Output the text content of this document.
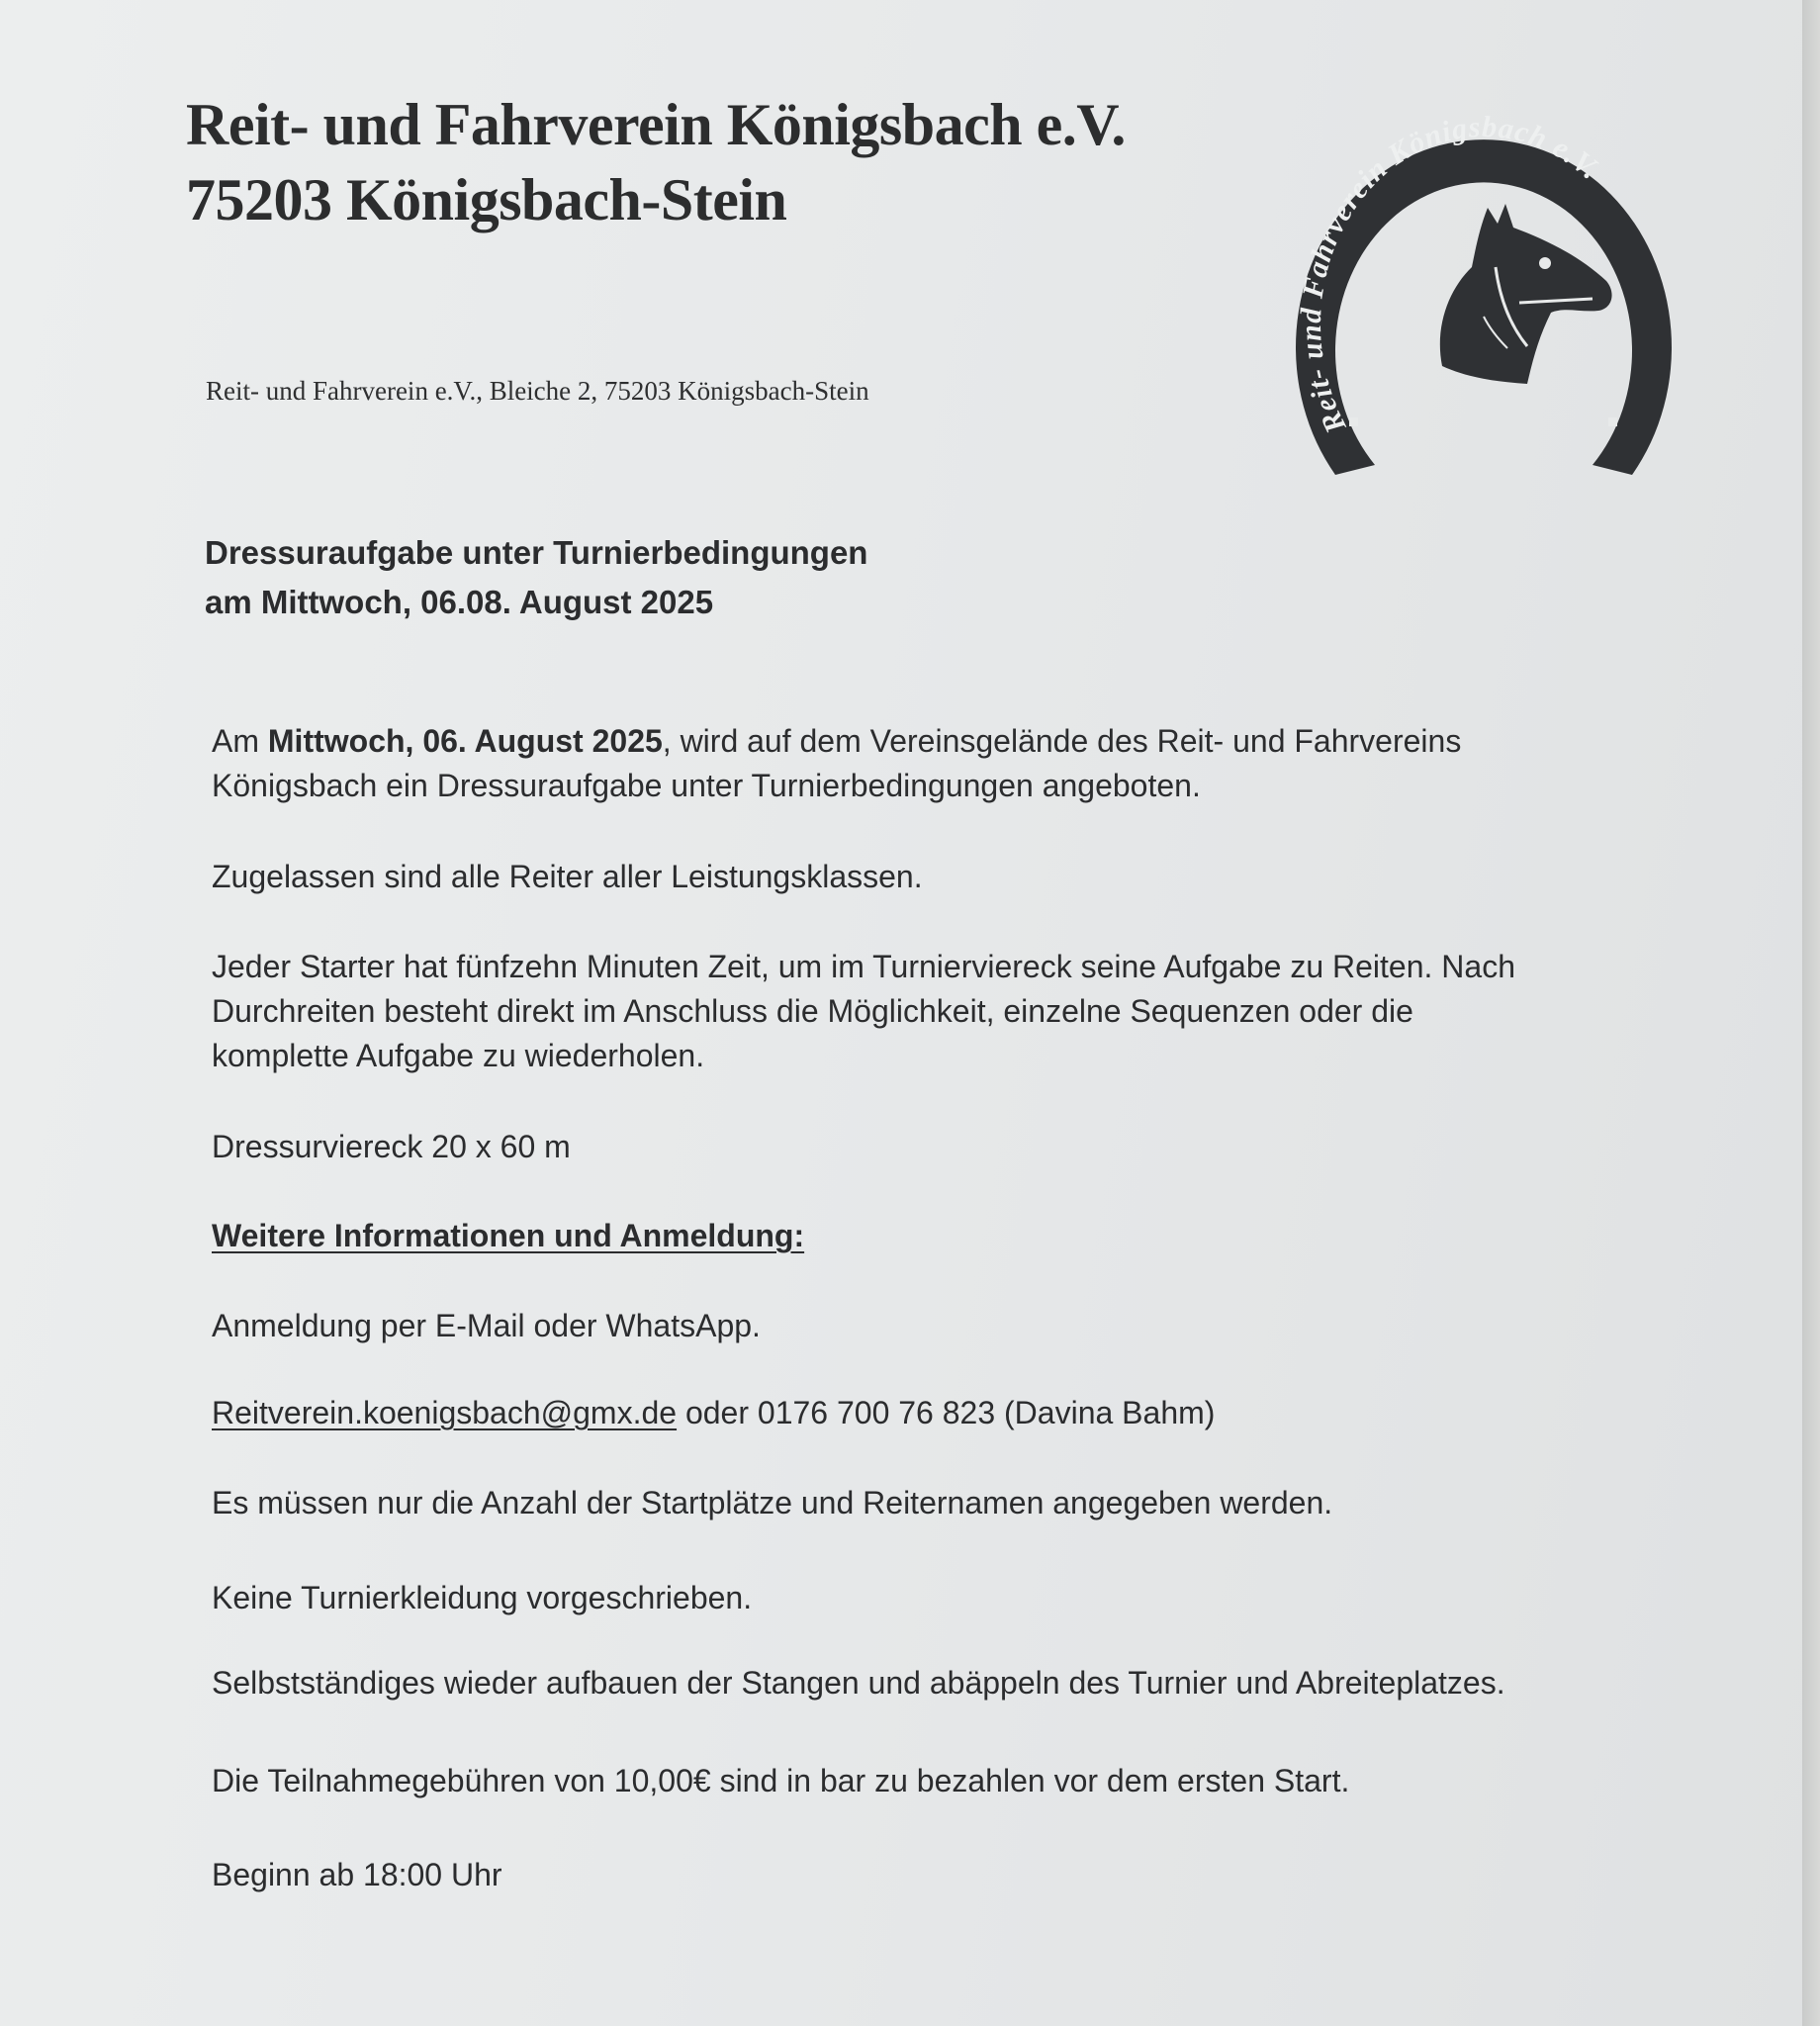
Reit- und Fahrverein Königsbach e.V.
75203 Königsbach-Stein
Reit- und Fahrverein e.V., Bleiche 2, 75203 Königsbach-Stein
Reit- und Fahrverein Königsbach e.V.
Dressuraufgabe unter Turnierbedingungen
am Mittwoch, 06.08. August 2025
Am Mittwoch, 06. August 2025, wird auf dem Vereinsgelände des Reit- und Fahrvereins
Königsbach ein Dressuraufgabe unter Turnierbedingungen angeboten.
Zugelassen sind alle Reiter aller Leistungsklassen.
Jeder Starter hat fünfzehn Minuten Zeit, um im Turnierviereck seine Aufgabe zu Reiten. Nach
Durchreiten besteht direkt im Anschluss die Möglichkeit, einzelne Sequenzen oder die
komplette Aufgabe zu wiederholen.
Dressurviereck 20 x 60 m
Weitere Informationen und Anmeldung:
Anmeldung per E-Mail oder WhatsApp.
Reitverein.koenigsbach@gmx.de oder 0176 700 76 823 (Davina Bahm)
Es müssen nur die Anzahl der Startplätze und Reiternamen angegeben werden.
Keine Turnierkleidung vorgeschrieben.
Selbstständiges wieder aufbauen der Stangen und abäppeln des Turnier und Abreiteplatzes.
Die Teilnahmegebühren von 10,00€ sind in bar zu bezahlen vor dem ersten Start.
Beginn ab 18:00 Uhr
